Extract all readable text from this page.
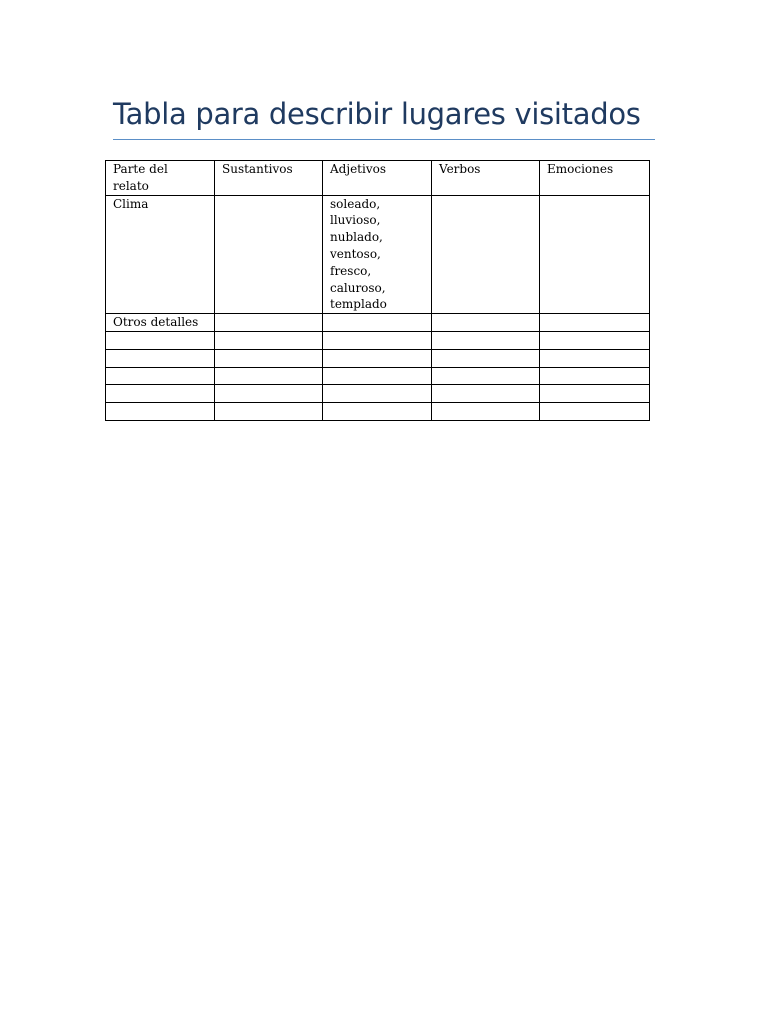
Tabla para describir lugares visitados
Parte del relato	Sustantivos	Adjetivos	Verbos	Emociones
Clima		soleado, lluvioso, nublado, ventoso, fresco, caluroso, templado		
Otros detalles				
